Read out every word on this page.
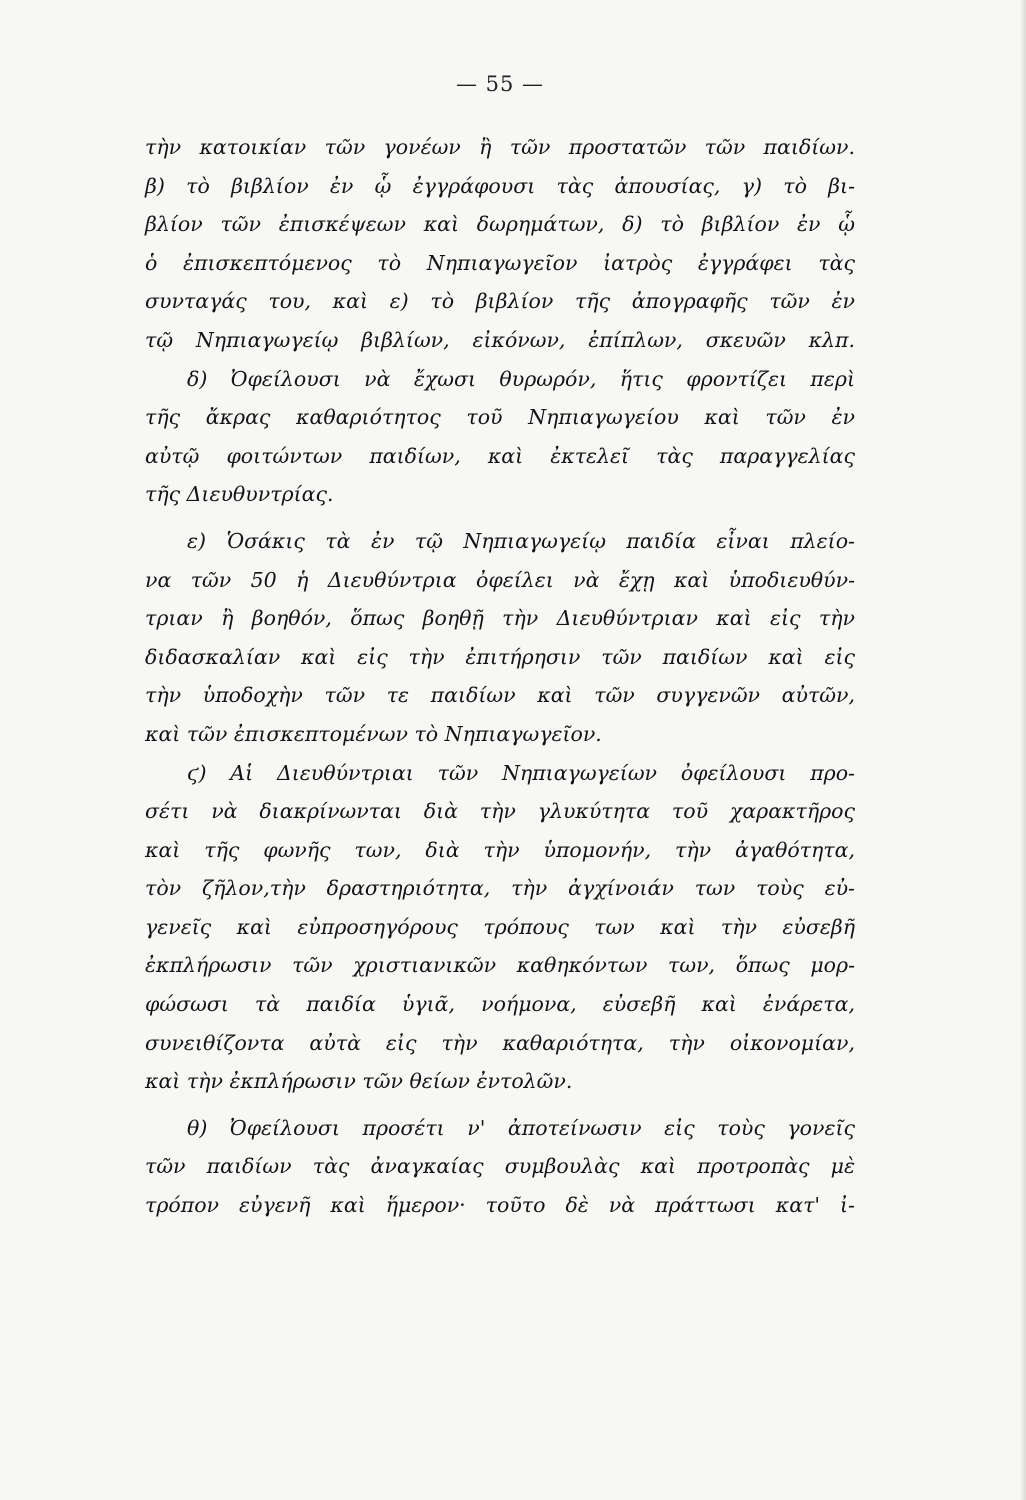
— 55 —
τὴν κατοικίαν τῶν γονέων ἢ τῶν προστατῶν τῶν παιδίων.
β) τὸ βιβλίον ἐν ᾧ ἐγγράφουσι τὰς ἀπουσίας, γ) τὸ βι-
βλίον τῶν ἐπισκέψεων καὶ δωρημάτων, δ) τὸ βιβλίον ἐν ᾧ
ὁ ἐπισκεπτόμενος τὸ Νηπιαγωγεῖον ἰατρὸς ἐγγράφει τὰς
συνταγάς του, καὶ ε) τὸ βιβλίον τῆς ἀπογραφῆς τῶν ἐν
τῷ Νηπιαγωγείῳ βιβλίων, εἰκόνων, ἐπίπλων, σκευῶν κλπ.
δ) Ὀφείλουσι νὰ ἔχωσι θυρωρόν, ἥτις φροντίζει περὶ
τῆς ἄκρας καθαριότητος τοῦ Νηπιαγωγείου καὶ τῶν ἐν
αὐτῷ φοιτώντων παιδίων, καὶ ἐκτελεῖ τὰς παραγγελίας
τῆς Διευθυντρίας.
ε) Ὁσάκις τὰ ἐν τῷ Νηπιαγωγείῳ παιδία εἶναι πλείο-
να τῶν 50 ἡ Διευθύντρια ὀφείλει νὰ ἔχῃ καὶ ὑποδιευθύν-
τριαν ἢ βοηθόν, ὅπως βοηθῇ τὴν Διευθύντριαν καὶ εἰς τὴν
διδασκαλίαν καὶ εἰς τὴν ἐπιτήρησιν τῶν παιδίων καὶ εἰς
τὴν ὑποδοχὴν τῶν τε παιδίων καὶ τῶν συγγενῶν αὐτῶν,
καὶ τῶν ἐπισκεπτομένων τὸ Νηπιαγωγεῖον.
ϛ) Αἱ Διευθύντριαι τῶν Νηπιαγωγείων ὀφείλουσι προ-
σέτι νὰ διακρίνωνται διὰ τὴν γλυκύτητα τοῦ χαρακτῆρος
καὶ τῆς φωνῆς των, διὰ τὴν ὑπομονήν, τὴν ἀγαθότητα,
τὸν ζῆλον,τὴν δραστηριότητα, τὴν ἀγχίνοιάν των τοὺς εὐ-
γενεῖς καὶ εὐπροσηγόρους τρόπους των καὶ τὴν εὐσεβῆ
ἐκπλήρωσιν τῶν χριστιανικῶν καθηκόντων των, ὅπως μορ-
φώσωσι τὰ παιδία ὑγιᾶ, νοήμονα, εὐσεβῆ καὶ ἐνάρετα,
συνειθίζοντα αὐτὰ εἰς τὴν καθαριότητα, τὴν οἰκονομίαν,
καὶ τὴν ἐκπλήρωσιν τῶν θείων ἐντολῶν.
θ) Ὀφείλουσι προσέτι ν' ἀποτείνωσιν εἰς τοὺς γονεῖς
τῶν παιδίων τὰς ἀναγκαίας συμβουλὰς καὶ προτροπὰς μὲ
τρόπον εὐγενῆ καὶ ἥμερον· τοῦτο δὲ νὰ πράττωσι κατ' ἰ-
